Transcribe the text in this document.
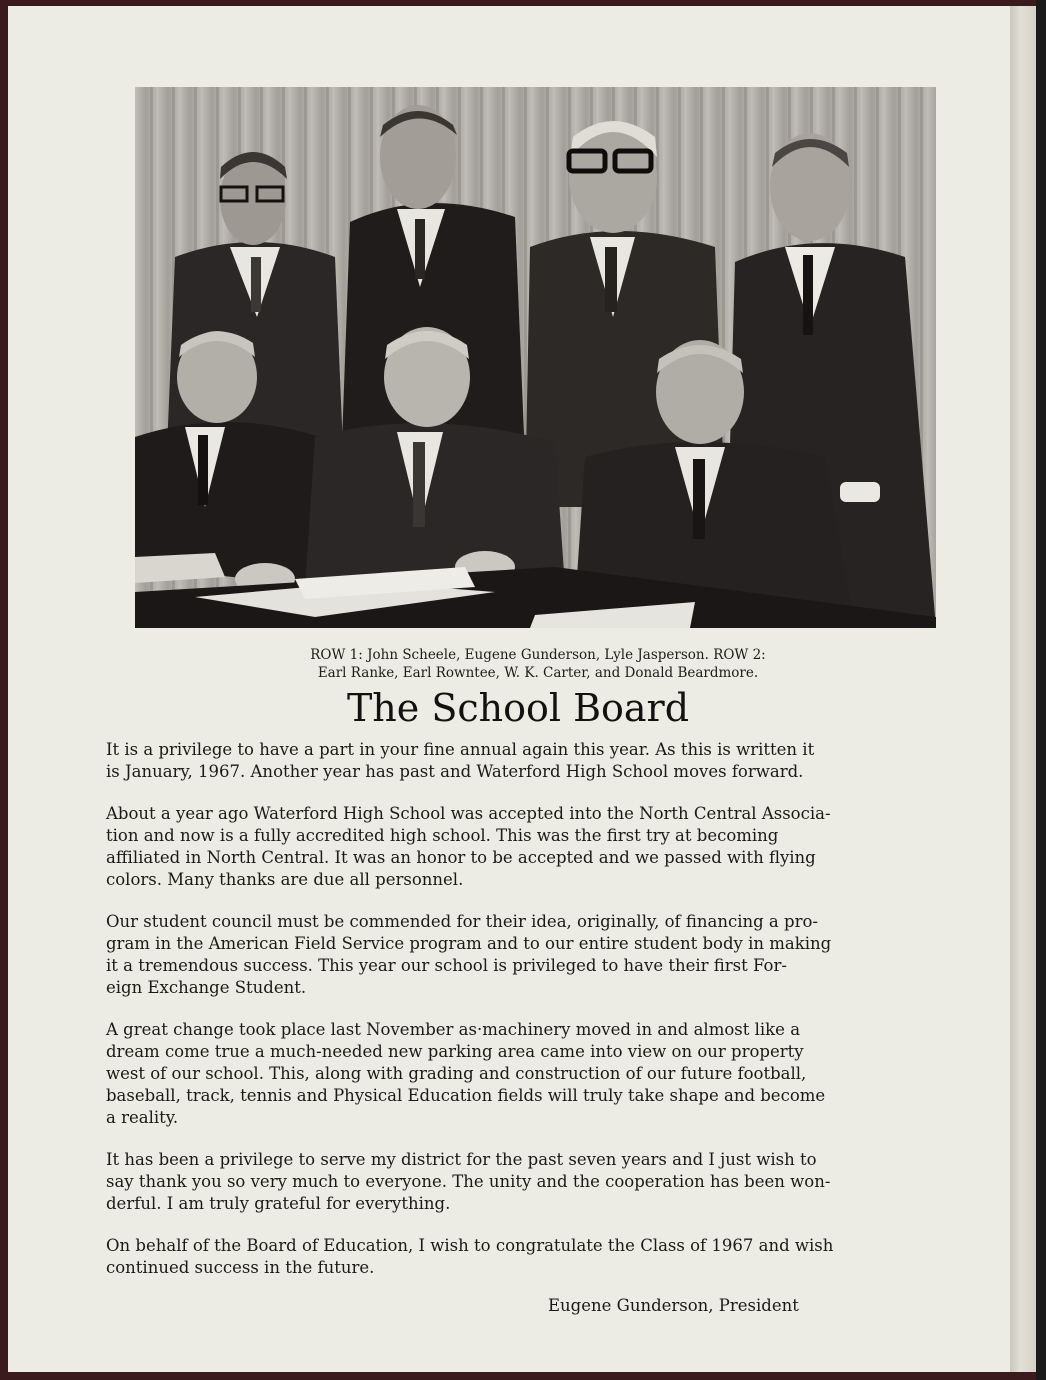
ROW 1: John Scheele, Eugene Gunderson, Lyle Jasperson. ROW 2:
Earl Ranke, Earl Rowntee, W. K. Carter, and Donald Beardmore.
The School Board

It is a privilege to have a part in your fine annual again this year. As this is written it
is January, 1967. Another year has past and Waterford High School moves forward.

About a year ago Waterford High School was accepted into the North Central Associa-
tion and now is a fully accredited high school. This was the first try at becoming
affiliated in North Central. It was an honor to be accepted and we passed with flying
colors. Many thanks are due all personnel.

Our student council must be commended for their idea, originally, of financing a pro-
gram in the American Field Service program and to our entire student body in making
it a tremendous success. This year our school is privileged to have their first For-
eign Exchange Student.

A great change took place last November as·machinery moved in and almost like a
dream come true a much-needed new parking area came into view on our property
west of our school. This, along with grading and construction of our future football,
baseball, track, tennis and Physical Education fields will truly take shape and become
a reality.

It has been a privilege to serve my district for the past seven years and I just wish to
say thank you so very much to everyone. The unity and the cooperation has been won-
derful. I am truly grateful for everything.

On behalf of the Board of Education, I wish to congratulate the Class of 1967 and wish
continued success in the future.

Eugene Gunderson, President
